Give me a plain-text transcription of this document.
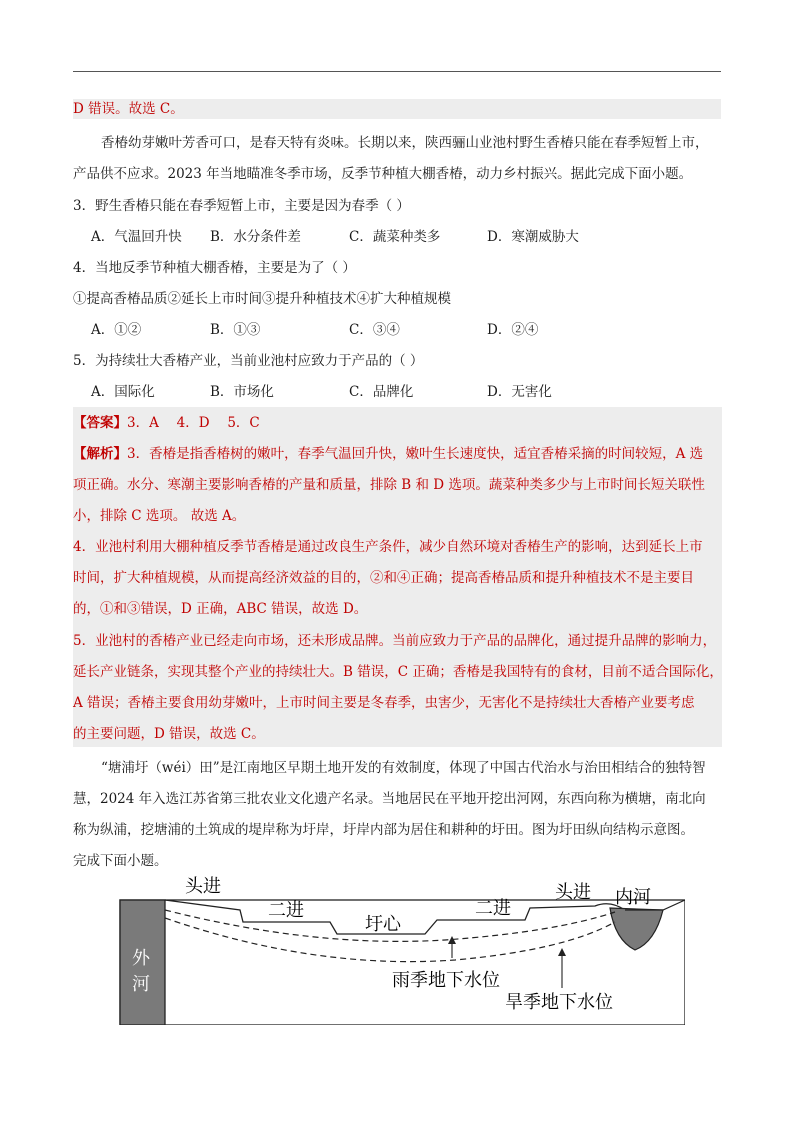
D 错误。故选 C。
香椿幼芽嫩叶芳香可口，是春天特有炎味。长期以来，陕西骊山业池村野生香椿只能在春季短暂上市，
产品供不应求。2023 年当地瞄准冬季市场，反季节种植大棚香椿，动力乡村振兴。据此完成下面小题。
3．野生香椿只能在春季短暂上市，主要是因为春季（ ）
A．气温回升快 B．水分条件差	C．蔬菜种类多	D．寒潮威胁大
4．当地反季节种植大棚香椿，主要是为了（ ）
①提高香椿品质②延长上市时间③提升种植技术④扩大种植规模
A．①②	B．①③	C．③④	D．②④
5．为持续壮大香椿产业，当前业池村应致力于产品的（ ）
A．国际化	B．市场化	C．品牌化	D．无害化
【答案】3．A　 4．D　 5．C
【解析】3．香椿是指香椿树的嫩叶，春季气温回升快，嫩叶生长速度快，适宜香椿采摘的时间较短，A 选
项正确。水分、寒潮主要影响香椿的产量和质量，排除 B 和 D 选项。蔬菜种类多少与上市时间长短关联性
小，排除 C 选项。 故选 A。
4．业池村利用大棚种植反季节香椿是通过改良生产条件，减少自然环境对香椿生产的影响，达到延长上市
时间，扩大种植规模，从而提高经济效益的目的，②和④正确；提高香椿品质和提升种植技术不是主要目
的，①和③错误，D 正确，ABC 错误，故选 D。
5．业池村的香椿产业已经走向市场，还未形成品牌。当前应致力于产品的品牌化，通过提升品牌的影响力，
延长产业链条，实现其整个产业的持续壮大。B 错误，C 正确；香椿是我国特有的食材，目前不适合国际化，
A 错误；香椿主要食用幼芽嫩叶，上市时间主要是冬春季，虫害少，无害化不是持续壮大香椿产业要考虑
的主要问题，D 错误，故选 C。
“塘浦圩（wéi）田”是江南地区早期土地开发的有效制度，体现了中国古代治水与治田相结合的独特智
慧，2024 年入选江苏省第三批农业文化遗产名录。当地居民在平地开挖出河网，东西向称为横塘，南北向
称为纵浦，挖塘浦的土筑成的堤岸称为圩岸，圩岸内部为居住和耕种的圩田。图为圩田纵向结构示意图。
完成下面小题。
头进
二进
圩心
二进
头进 内河
外
河	雨季地下水位
旱季地下水位
